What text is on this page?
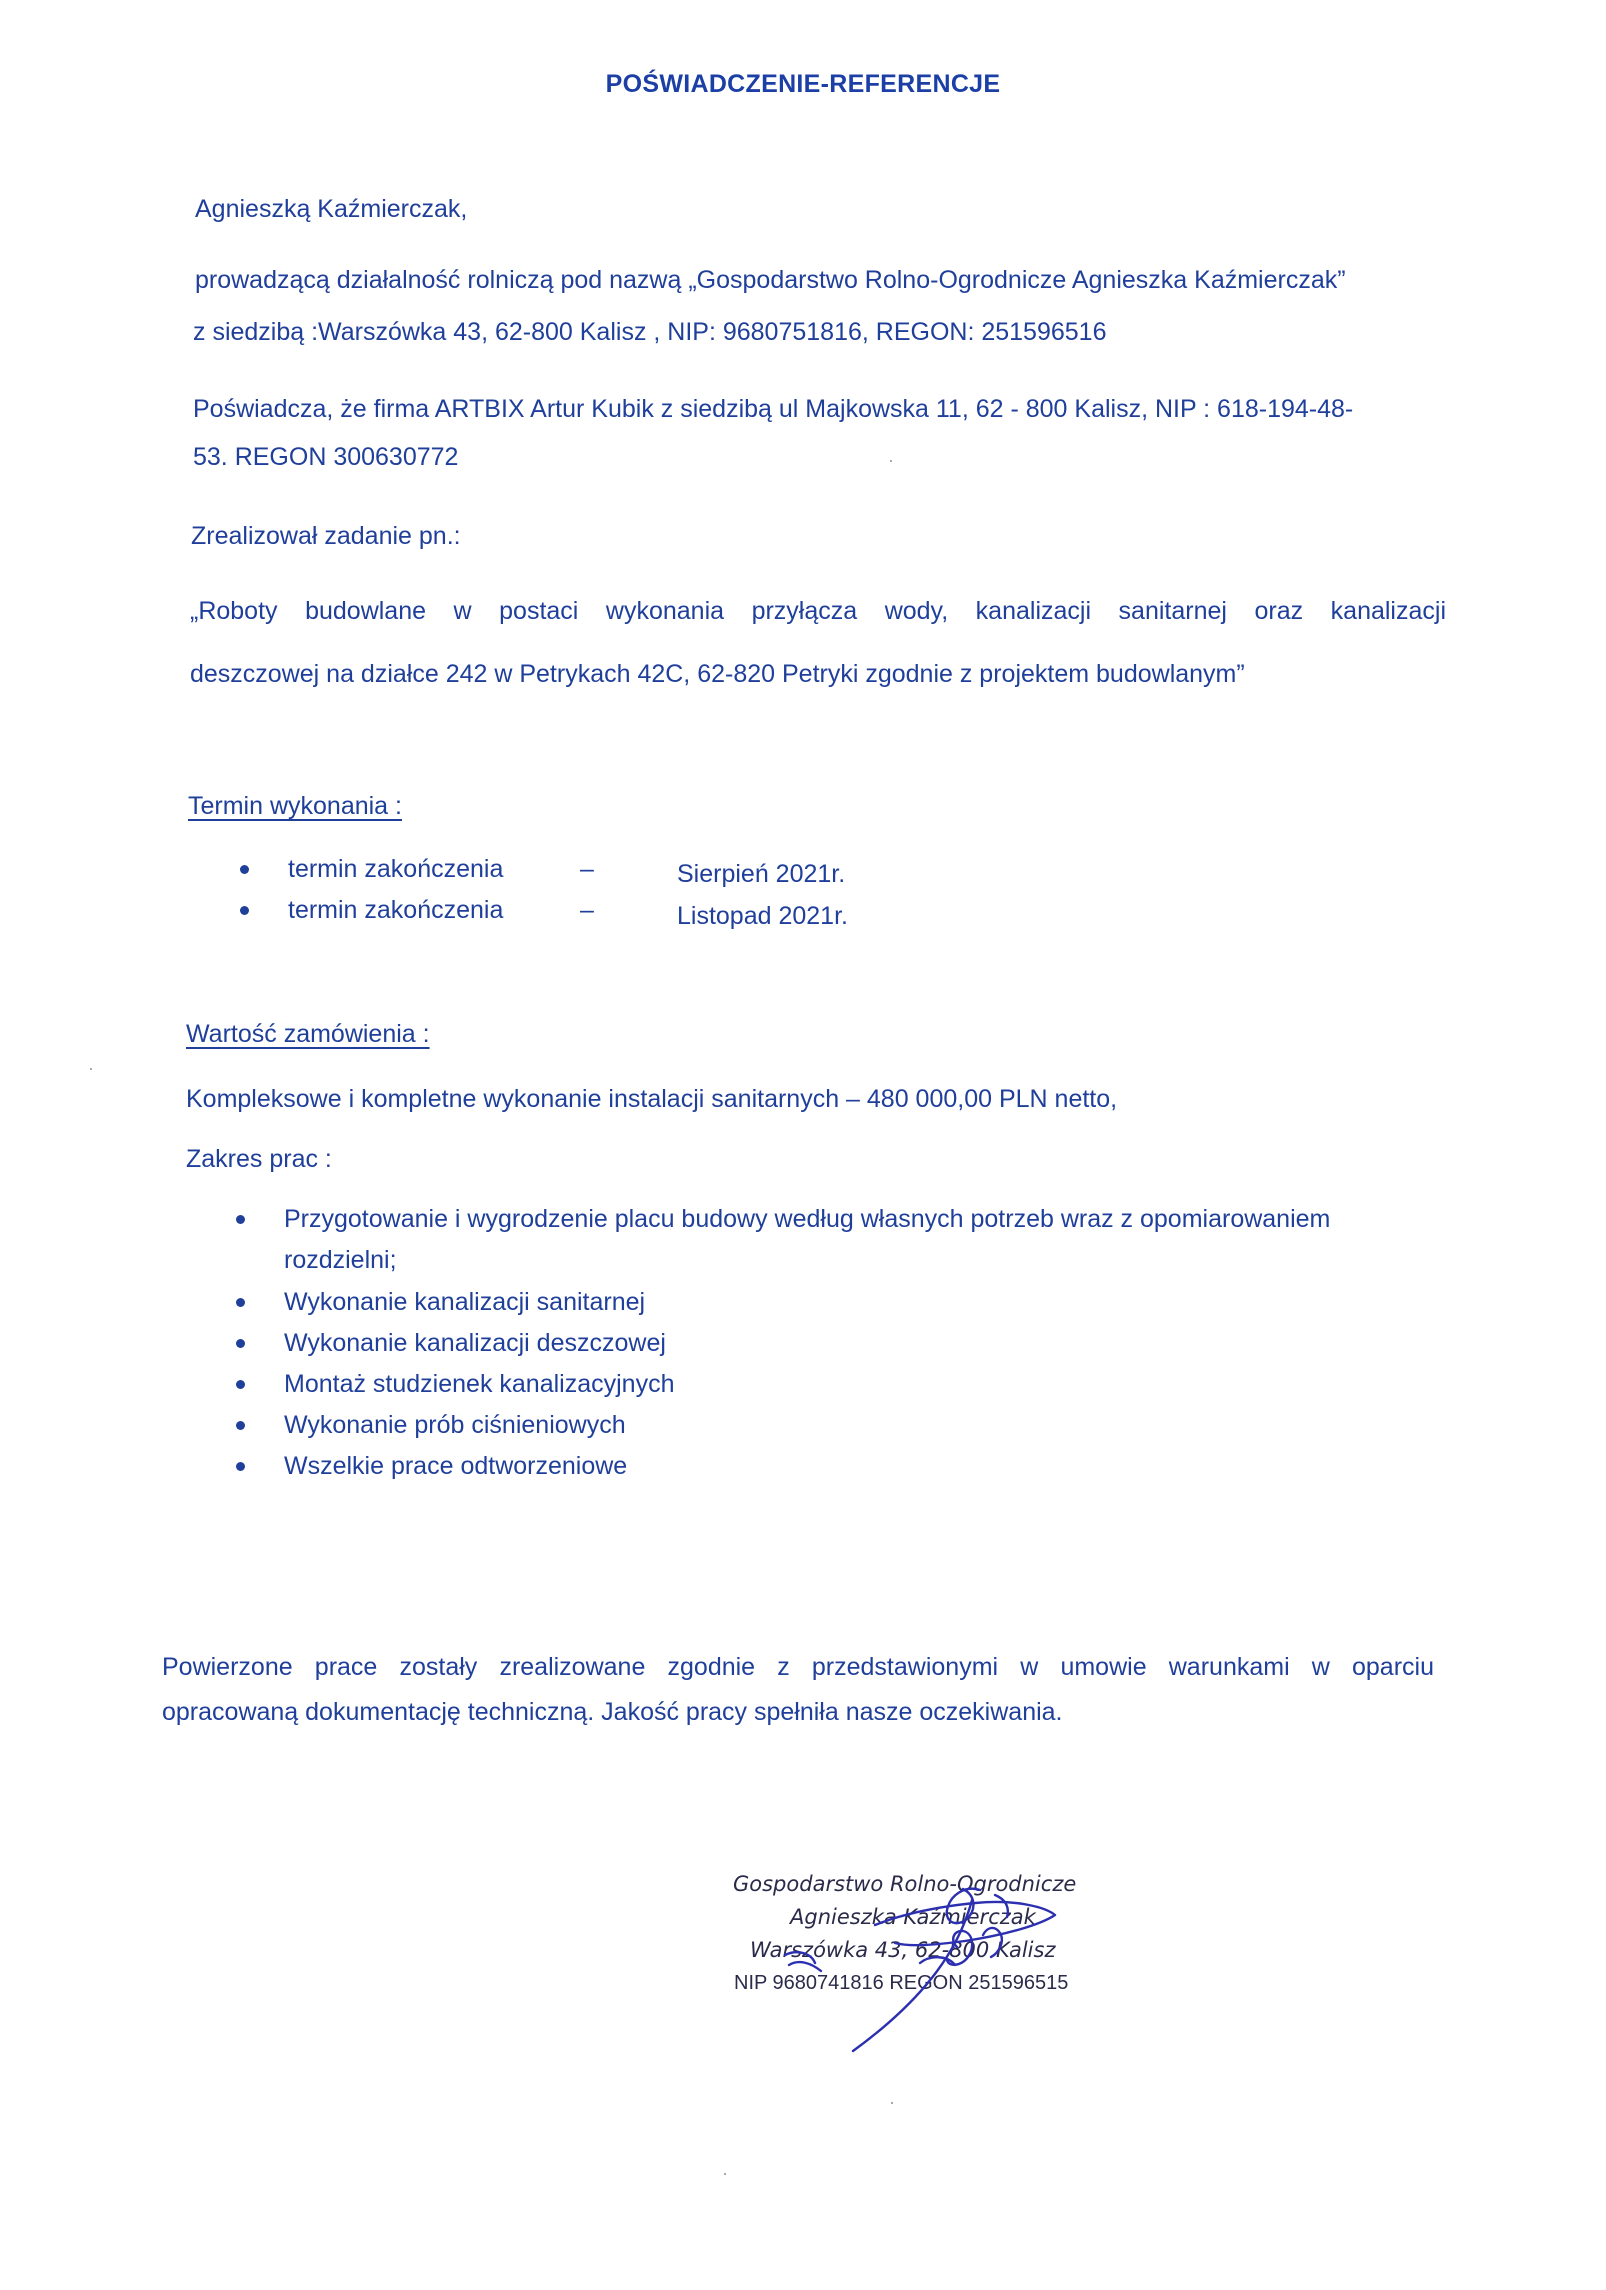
POŚWIADCZENIE-REFERENCJE
Agnieszką Kaźmierczak,
prowadzącą działalność rolniczą pod nazwą „Gospodarstwo Rolno-Ogrodnicze Agnieszka Kaźmierczak”
z siedzibą :Warszówka 43, 62-800 Kalisz , NIP: 9680751816, REGON: 251596516
Poświadcza, że firma ARTBIX Artur Kubik z siedzibą ul Majkowska 11, 62 - 800 Kalisz, NIP : 618-194-48-
53. REGON 300630772
Zrealizował zadanie pn.:
„Roboty budowlane w postaci wykonania przyłącza wody, kanalizacji sanitarnej oraz kanalizacji
deszczowej na działce 242 w Petrykach 42C, 62-820 Petryki zgodnie z projektem budowlanym”
Termin wykonania :
termin zakończenia	–	Sierpień 2021r.
termin zakończenia	–	Listopad 2021r.
Wartość zamówienia :
Kompleksowe i kompletne wykonanie instalacji sanitarnych – 480 000,00 PLN netto,
Zakres prac :
Przygotowanie i wygrodzenie placu budowy według własnych potrzeb wraz z opomiarowaniem
rozdzielni;
Wykonanie kanalizacji sanitarnej
Wykonanie kanalizacji deszczowej
Montaż studzienek kanalizacyjnych
Wykonanie prób ciśnieniowych
Wszelkie prace odtworzeniowe
Powierzone prace zostały zrealizowane zgodnie z przedstawionymi w umowie warunkami w oparciu
opracowaną dokumentację techniczną. Jakość pracy spełniła nasze oczekiwania.
Gospodarstwo Rolno-Ogrodnicze
Agnieszka Kaźmierczak
Warszówka 43, 62-800 Kalisz
NIP 9680741816 REGON 251596515
